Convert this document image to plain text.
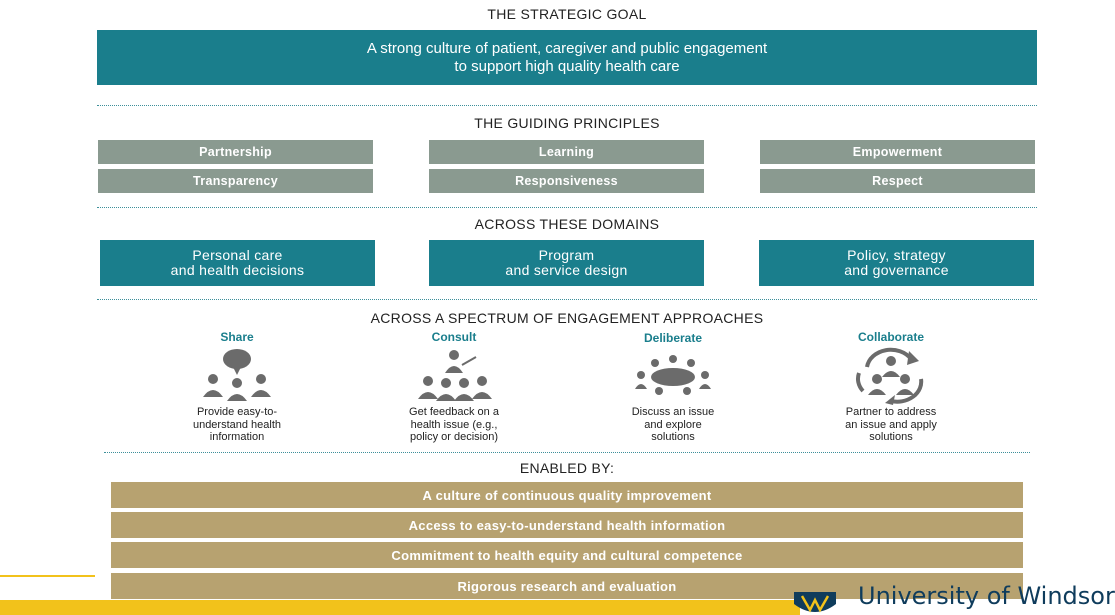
THE STRATEGIC GOAL
A strong culture of patient, caregiver and public engagement
to support high quality health care
THE GUIDING PRINCIPLES
Partnership	Learning	Empowerment
Transparency	Responsiveness	Respect
ACROSS THESE DOMAINS
Personal care
and health decisions
Program
and service design
Policy, strategy
and governance
ACROSS A SPECTRUM OF ENGAGEMENT APPROACHES
Share
Provide easy-to-
understand health
information
Consult
Get feedback on a
health issue (e.g.,
policy or decision)
Deliberate
Discuss an issue
and explore
solutions
Collaborate
Partner to address
an issue and apply
solutions
ENABLED BY:
A culture of continuous quality improvement
Access to easy-to-understand health information
Commitment to health equity and cultural competence
Rigorous research and evaluation	University of Windsor
